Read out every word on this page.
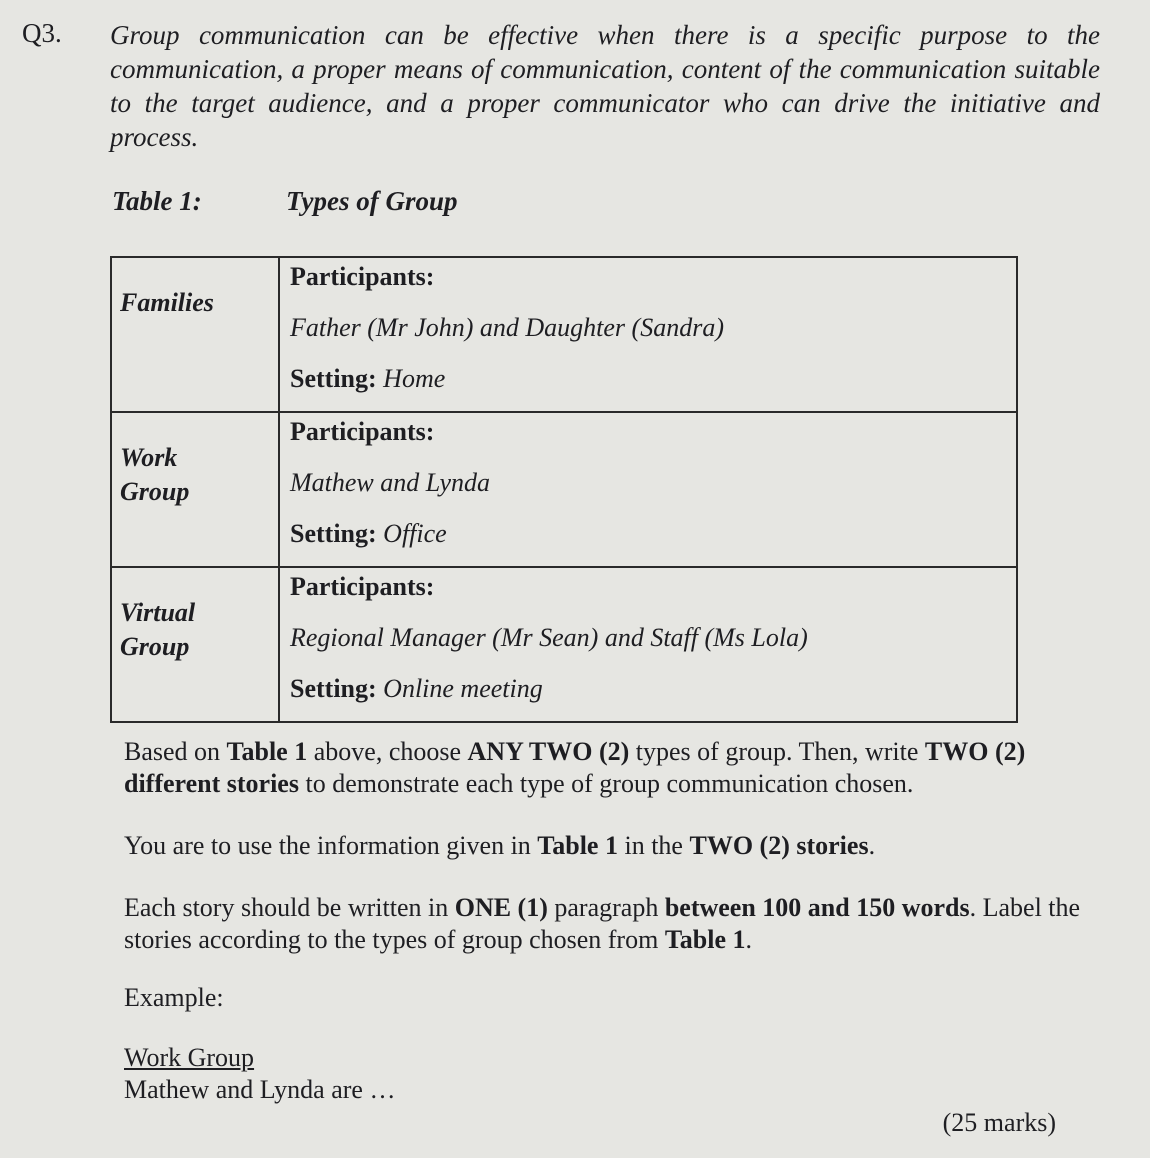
Q3. Group communication can be effective when there is a specific purpose to the communication, a proper means of communication, content of the communication suitable to the target audience, and a proper communicator who can drive the initiative and process.
Table 1:	Types of Group
Families	Participants:
Father (Mr John) and Daughter (Sandra)
Setting: Home

Work Group	Participants:
Mathew and Lynda
Setting: Office

Virtual Group	Participants:
Regional Manager (Mr Sean) and Staff (Ms Lola)
Setting: Online meeting
Based on Table 1 above, choose ANY TWO (2) types of group. Then, write TWO (2) different stories to demonstrate each type of group communication chosen.
You are to use the information given in Table 1 in the TWO (2) stories.
Each story should be written in ONE (1) paragraph between 100 and 150 words. Label the stories according to the types of group chosen from Table 1.
Example:
Work Group
Mathew and Lynda are …
(25 marks)
